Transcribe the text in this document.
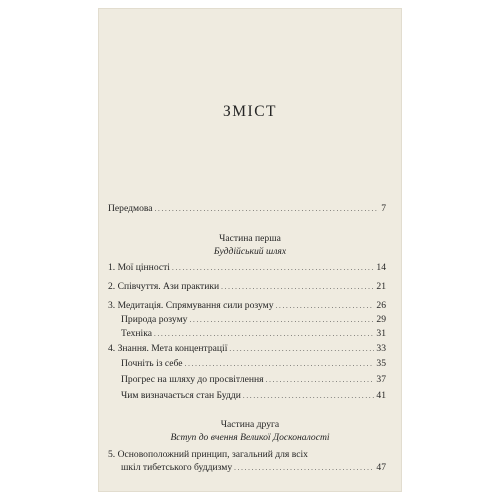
ЗМІСТ
Передмова . . .	7
Частина перша
Буддійський шлях
1. Мої цінності . . .	14
2. Співчуття. Ази практики . . .	21
3. Медитація. Спрямування сили розуму . . .	26
Природа розуму . . .	29
Техніка . . .	31
4. Знання. Мета концентрації . . .	33
Почніть із себе . . .	35
Прогрес на шляху до просвітлення . . .	37
Чим визначається стан Будди . . .	41
Частина друга
Вступ до вчення Великої Досконалості
5. Основоположний принцип, загальний для всіх
шкіл тибетського буддизму . . .	47
